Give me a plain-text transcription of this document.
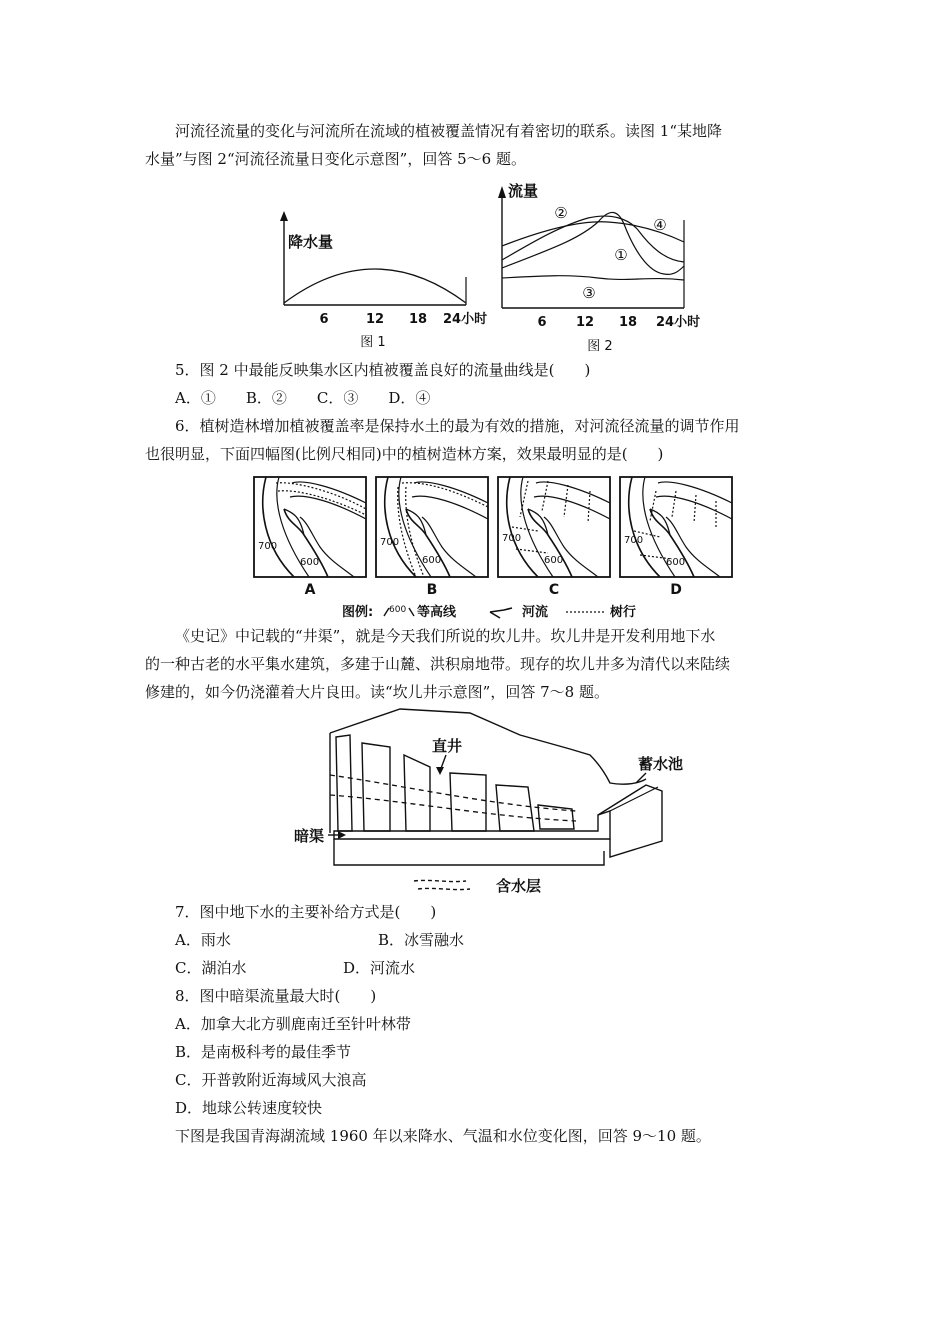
河流径流量的变化与河流所在流域的植被覆盖情况有着密切的联系。读图 1“某地降
水量”与图 2“河流径流量日变化示意图”，回答 5～6 题。
降水量
6	12 18 24小时
图 1
流量
②
④
①
③
6 12 18 24小时
图 2
5．图 2 中最能反映集水区内植被覆盖良好的流量曲线是(　　)
A．①　　B．②　　C．③　　D．④
6．植树造林增加植被覆盖率是保持水土的最为有效的措施，对河流径流量的调节作用
也很明显，下面四幅图(比例尺相同)中的植树造林方案，效果最明显的是(　　)
700
600
700
600
700
600
700
600
A	B	C	D
图例: 600 等高线	河流	树行
《史记》中记载的“井渠”，就是今天我们所说的坎儿井。坎儿井是开发利用地下水
的一种古老的水平集水建筑，多建于山麓、洪积扇地带。现存的坎儿井多为清代以来陆续
修建的，如今仍浇灌着大片良田。读“坎儿井示意图”，回答 7～8 题。
直井
蓄水池
暗渠
含水层
7．图中地下水的主要补给方式是(　　)
A．雨水	B．冰雪融水
C．湖泊水	D．河流水
8．图中暗渠流量最大时(　　)
A．加拿大北方驯鹿南迁至针叶林带
B．是南极科考的最佳季节
C．开普敦附近海域风大浪高
D．地球公转速度较快
下图是我国青海湖流域 1960 年以来降水、气温和水位变化图，回答 9～10 题。
